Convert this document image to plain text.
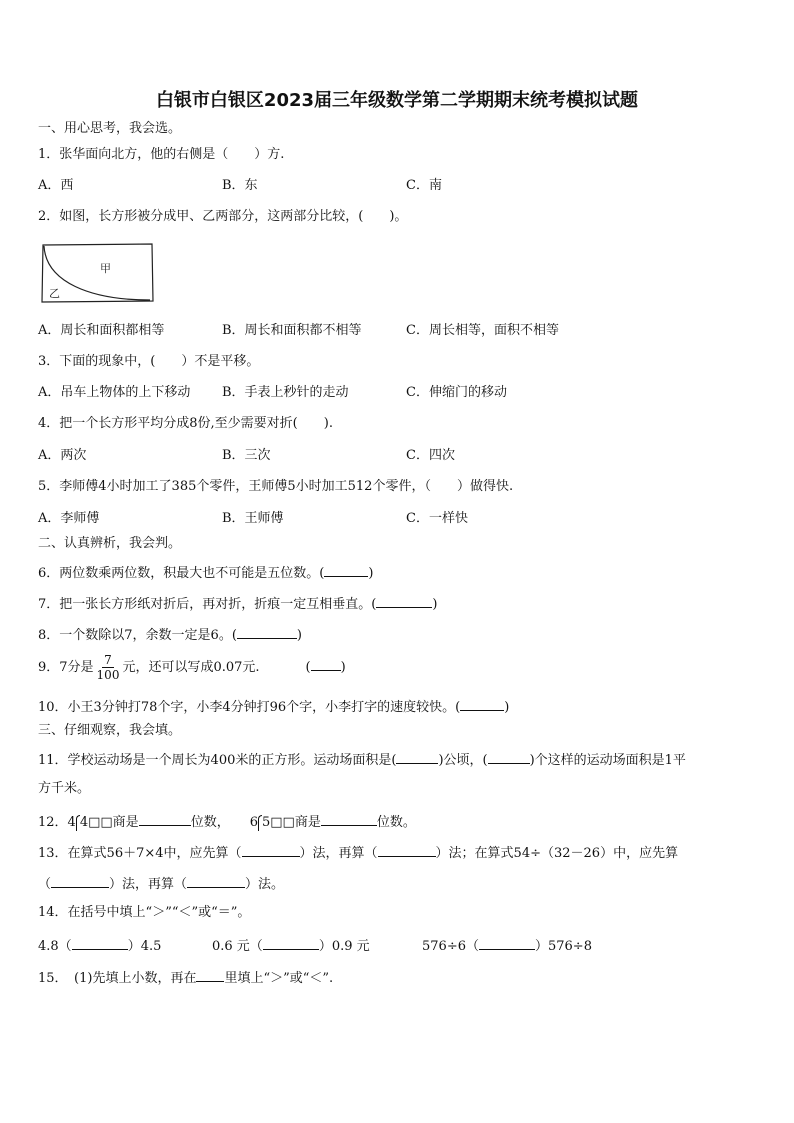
白银市白银区2023届三年级数学第二学期期末统考模拟试题
一、用心思考，我会选。
1．张华面向北方，他的右侧是（　　）方.
A．西	B．东	C．南
2．如图，长方形被分成甲、乙两部分，这两部分比较，(　　)。
甲
乙
A．周长和面积都相等	B．周长和面积都不相等	C．周长相等，面积不相等
3．下面的现象中，(　　）不是平移。
A．吊车上物体的上下移动 B．手表上秒针的走动	C．伸缩门的移动
4．把一个长方形平均分成8份,至少需要对折(　　).
A．两次	B．三次	C．四次
5．李师傅4小时加工了385个零件，王师傅5小时加工512个零件，（　　）做得快.
A．李师傅	B．王师傅	C．一样快
二、认真辨析，我会判。
6．两位数乘两位数，积最大也不可能是五位数。(	)
7．把一张长方形纸对折后，再对折，折痕一定互相垂直。(	)
8．一个数除以7，余数一定是6。(	)
9．7分是 $\frac{7}{100}$ 元，还可以写成0.07元.	( )
10．小王3分钟打78个字，小李4分钟打96个字，小李打字的速度较快。(	)
三、仔细观察，我会填。
11．学校运动场是一个周长为400米的正方形。运动场面积是(	)公顷，(	)个这样的运动场面积是1平
方千米。
12．4 4□□商是	位数， 6 5□□商是	位数。
13．在算式56＋7×4中，应先算（	）法，再算（	）法；在算式54÷（32－26）中，应先算
（	）法，再算（	）法。
14．在括号中填上“＞”“＜”或“＝”。
4.8（	）4.5	0.6 元（	）0.9 元	576÷6（	）576÷8
15．　(1)先填上小数，再在 里填上“＞”或“＜”.
